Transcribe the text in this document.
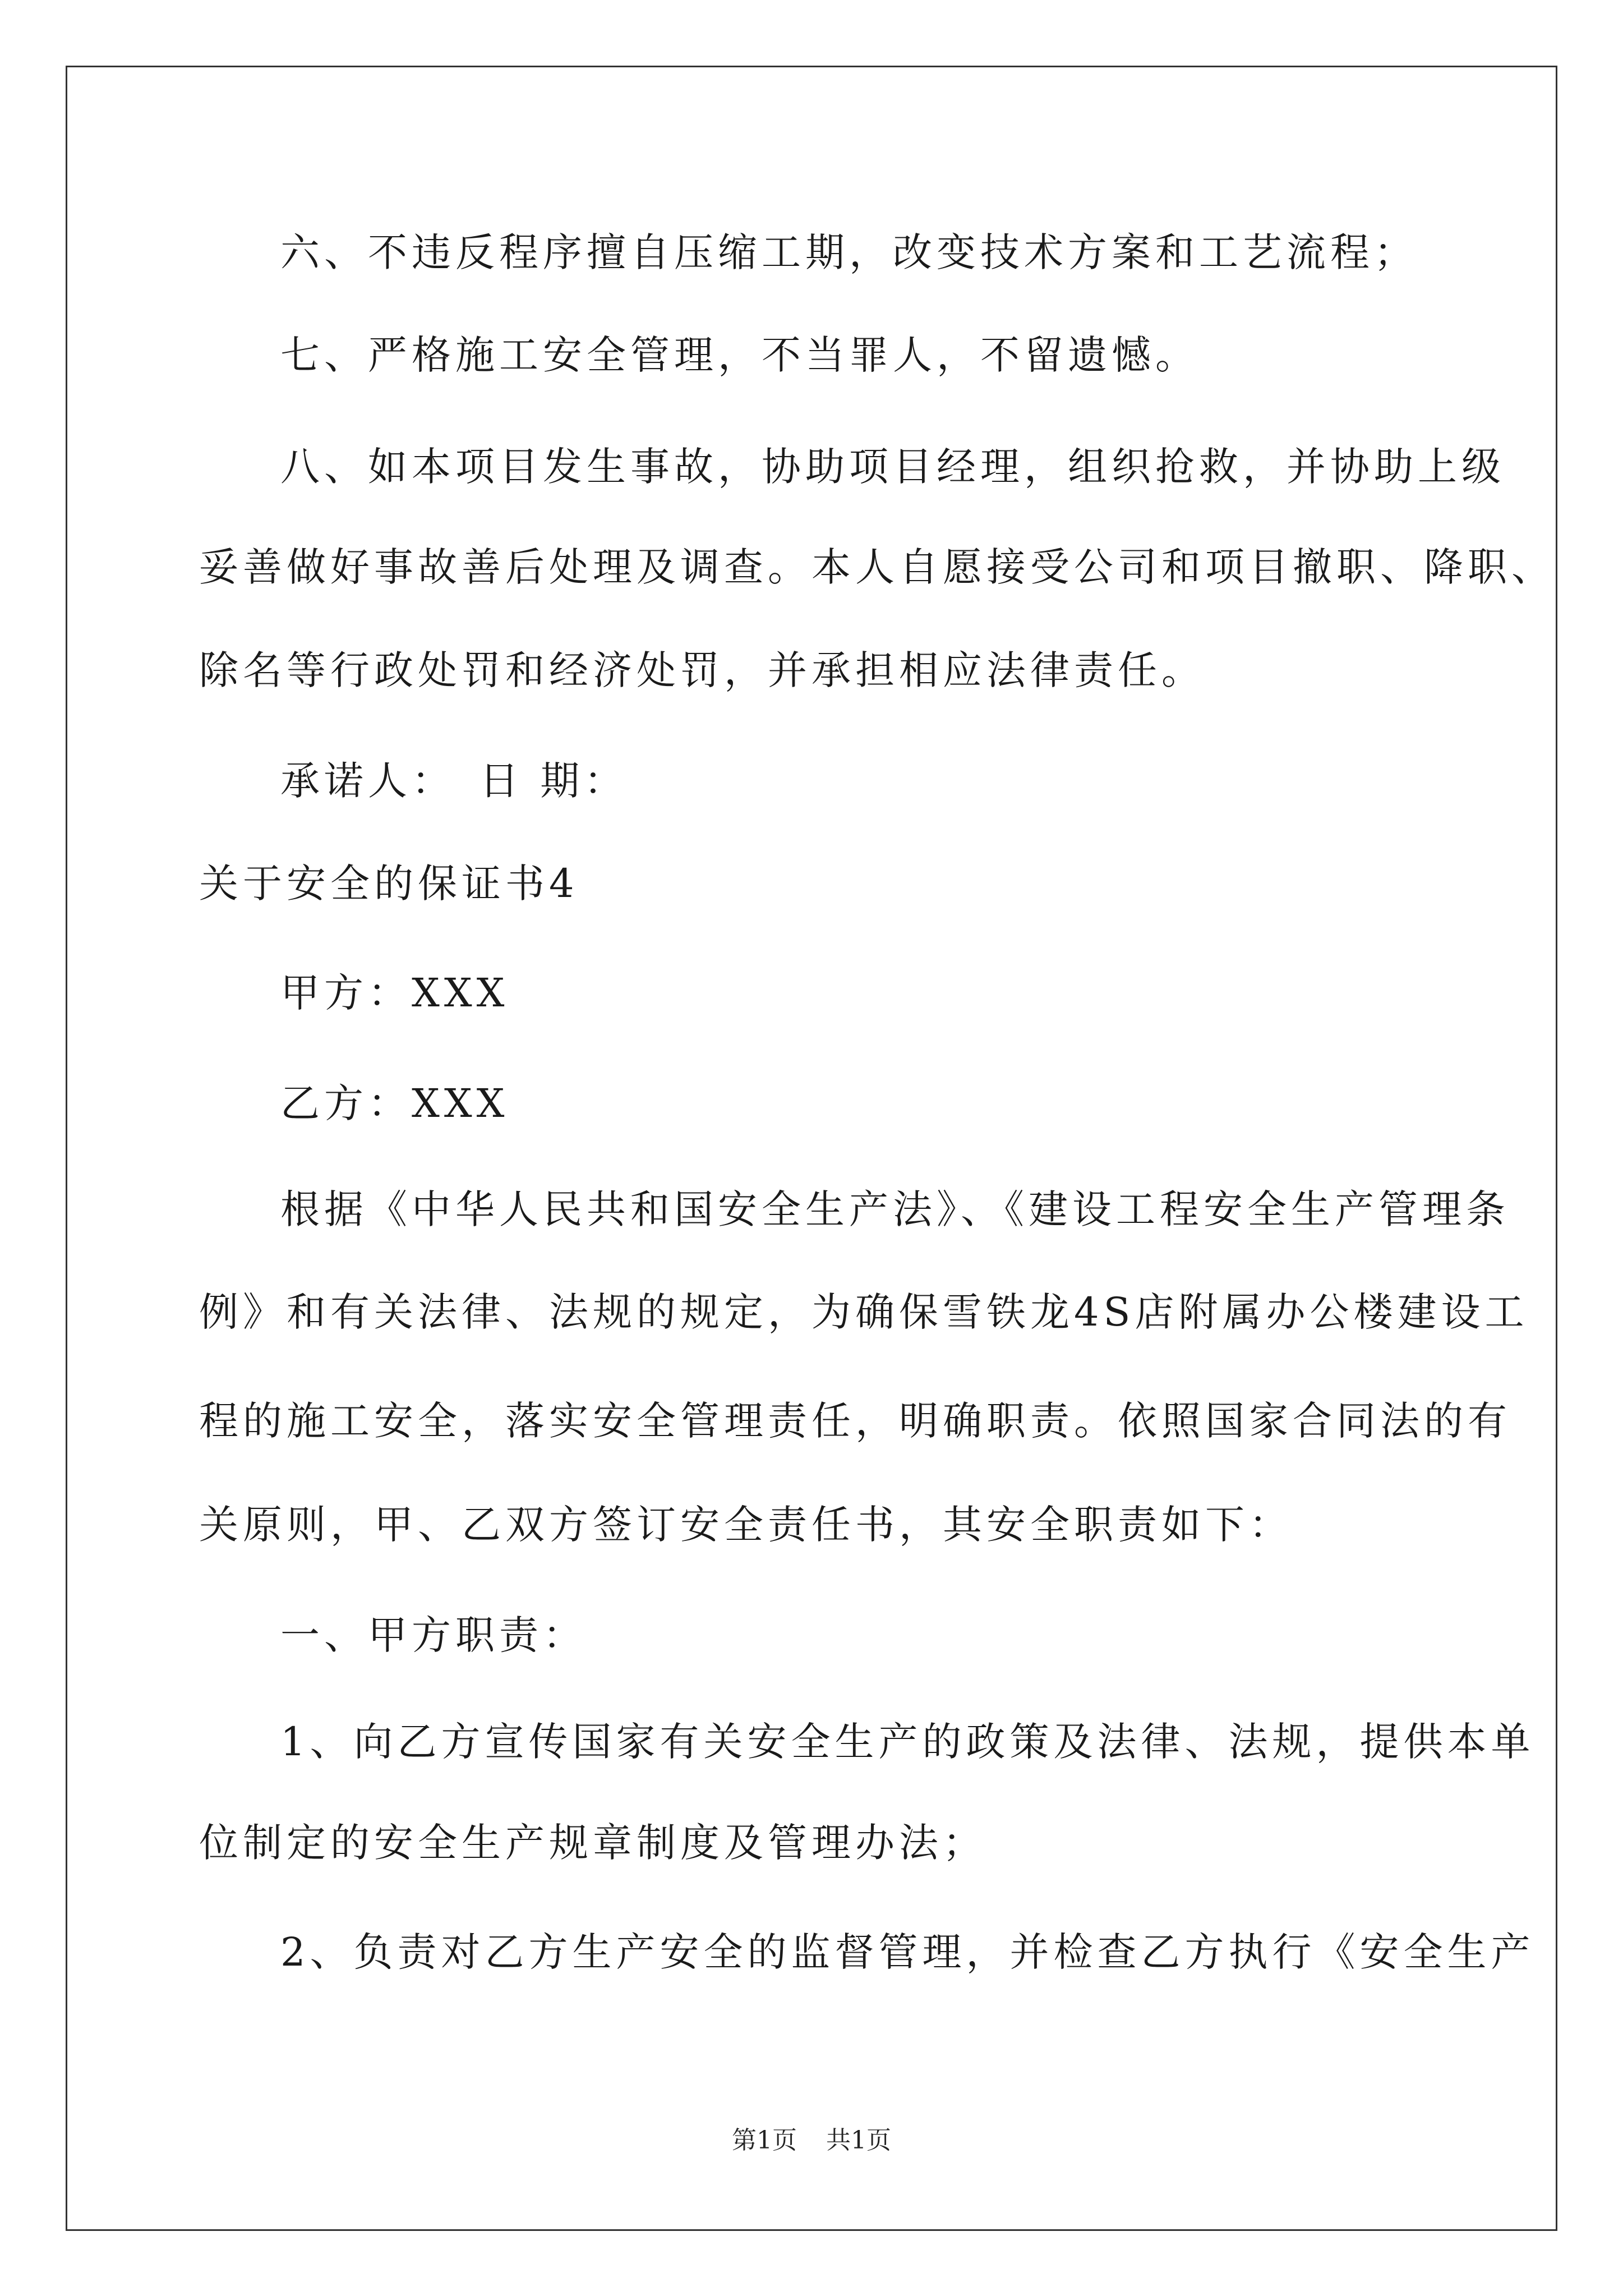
六、不违反程序擅自压缩工期，改变技术方案和工艺流程；
七、严格施工安全管理，不当罪人，不留遗憾。
八、如本项目发生事故，协助项目经理，组织抢救，并协助上级
妥善做好事故善后处理及调查。本人自愿接受公司和项目撤职、降职、
除名等行政处罚和经济处罚，并承担相应法律责任。
承诺人：　日 期：
关于安全的保证书4
甲方：XXX
乙方：XXX
根据《中华人民共和国安全生产法》、《建设工程安全生产管理条
例》和有关法律、法规的规定，为确保雪铁龙4S店附属办公楼建设工
程的施工安全，落实安全管理责任，明确职责。依照国家合同法的有
关原则，甲、乙双方签订安全责任书，其安全职责如下：
一、甲方职责：
1、向乙方宣传国家有关安全生产的政策及法律、法规，提供本单
位制定的安全生产规章制度及管理办法；
2、负责对乙方生产安全的监督管理，并检查乙方执行《安全生产
第1页 共1页
